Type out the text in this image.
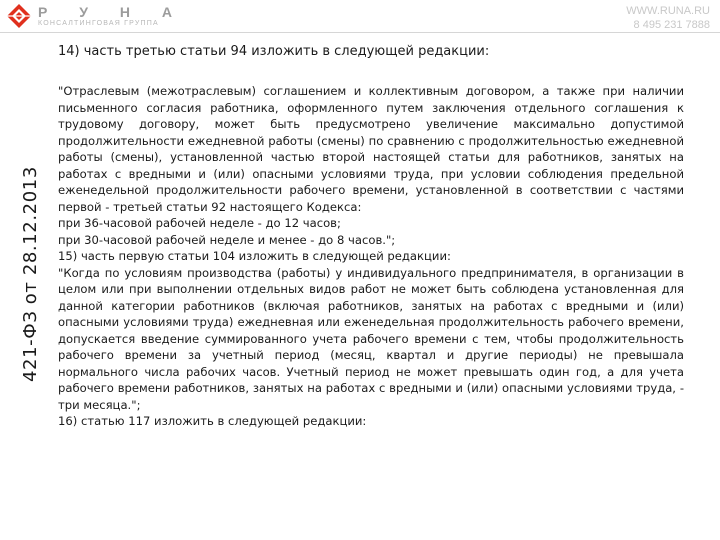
Р У Н А
КОНСАЛТИНГОВАЯ ГРУППА
WWW.RUNA.RU
8 495 231 7888
14) часть третью статьи 94 изложить в следующей редакции:
421-ФЗ от 28.12.2013

"Отраслевым (межотраслевым) соглашением и коллективным договором, а также при наличии письменного согласия работника, оформленного путем заключения отдельного соглашения к трудовому договору, может быть предусмотрено увеличение максимально допустимой продолжительности ежедневной работы (смены) по сравнению с продолжительностью ежедневной работы (смены), установленной частью второй настоящей статьи для работников, занятых на работах с вредными и (или) опасными условиями труда, при условии соблюдения предельной еженедельной продолжительности рабочего времени, установленной в соответствии с частями первой - третьей статьи 92 настоящего Кодекса:

при 36-часовой рабочей неделе - до 12 часов;

при 30-часовой рабочей неделе и менее - до 8 часов.";

15) часть первую статьи 104 изложить в следующей редакции:

"Когда по условиям производства (работы) у индивидуального предпринимателя, в организации в целом или при выполнении отдельных видов работ не может быть соблюдена установленная для данной категории работников (включая работников, занятых на работах с вредными и (или) опасными условиями труда) ежедневная или еженедельная продолжительность рабочего времени, допускается введение суммированного учета рабочего времени с тем, чтобы продолжительность рабочего времени за учетный период (месяц, квартал и другие периоды) не превышала нормального числа рабочих часов. Учетный период не может превышать один год, а для учета рабочего времени работников, занятых на работах с вредными и (или) опасными условиями труда, - три месяца.";

16) статью 117 изложить в следующей редакции:
